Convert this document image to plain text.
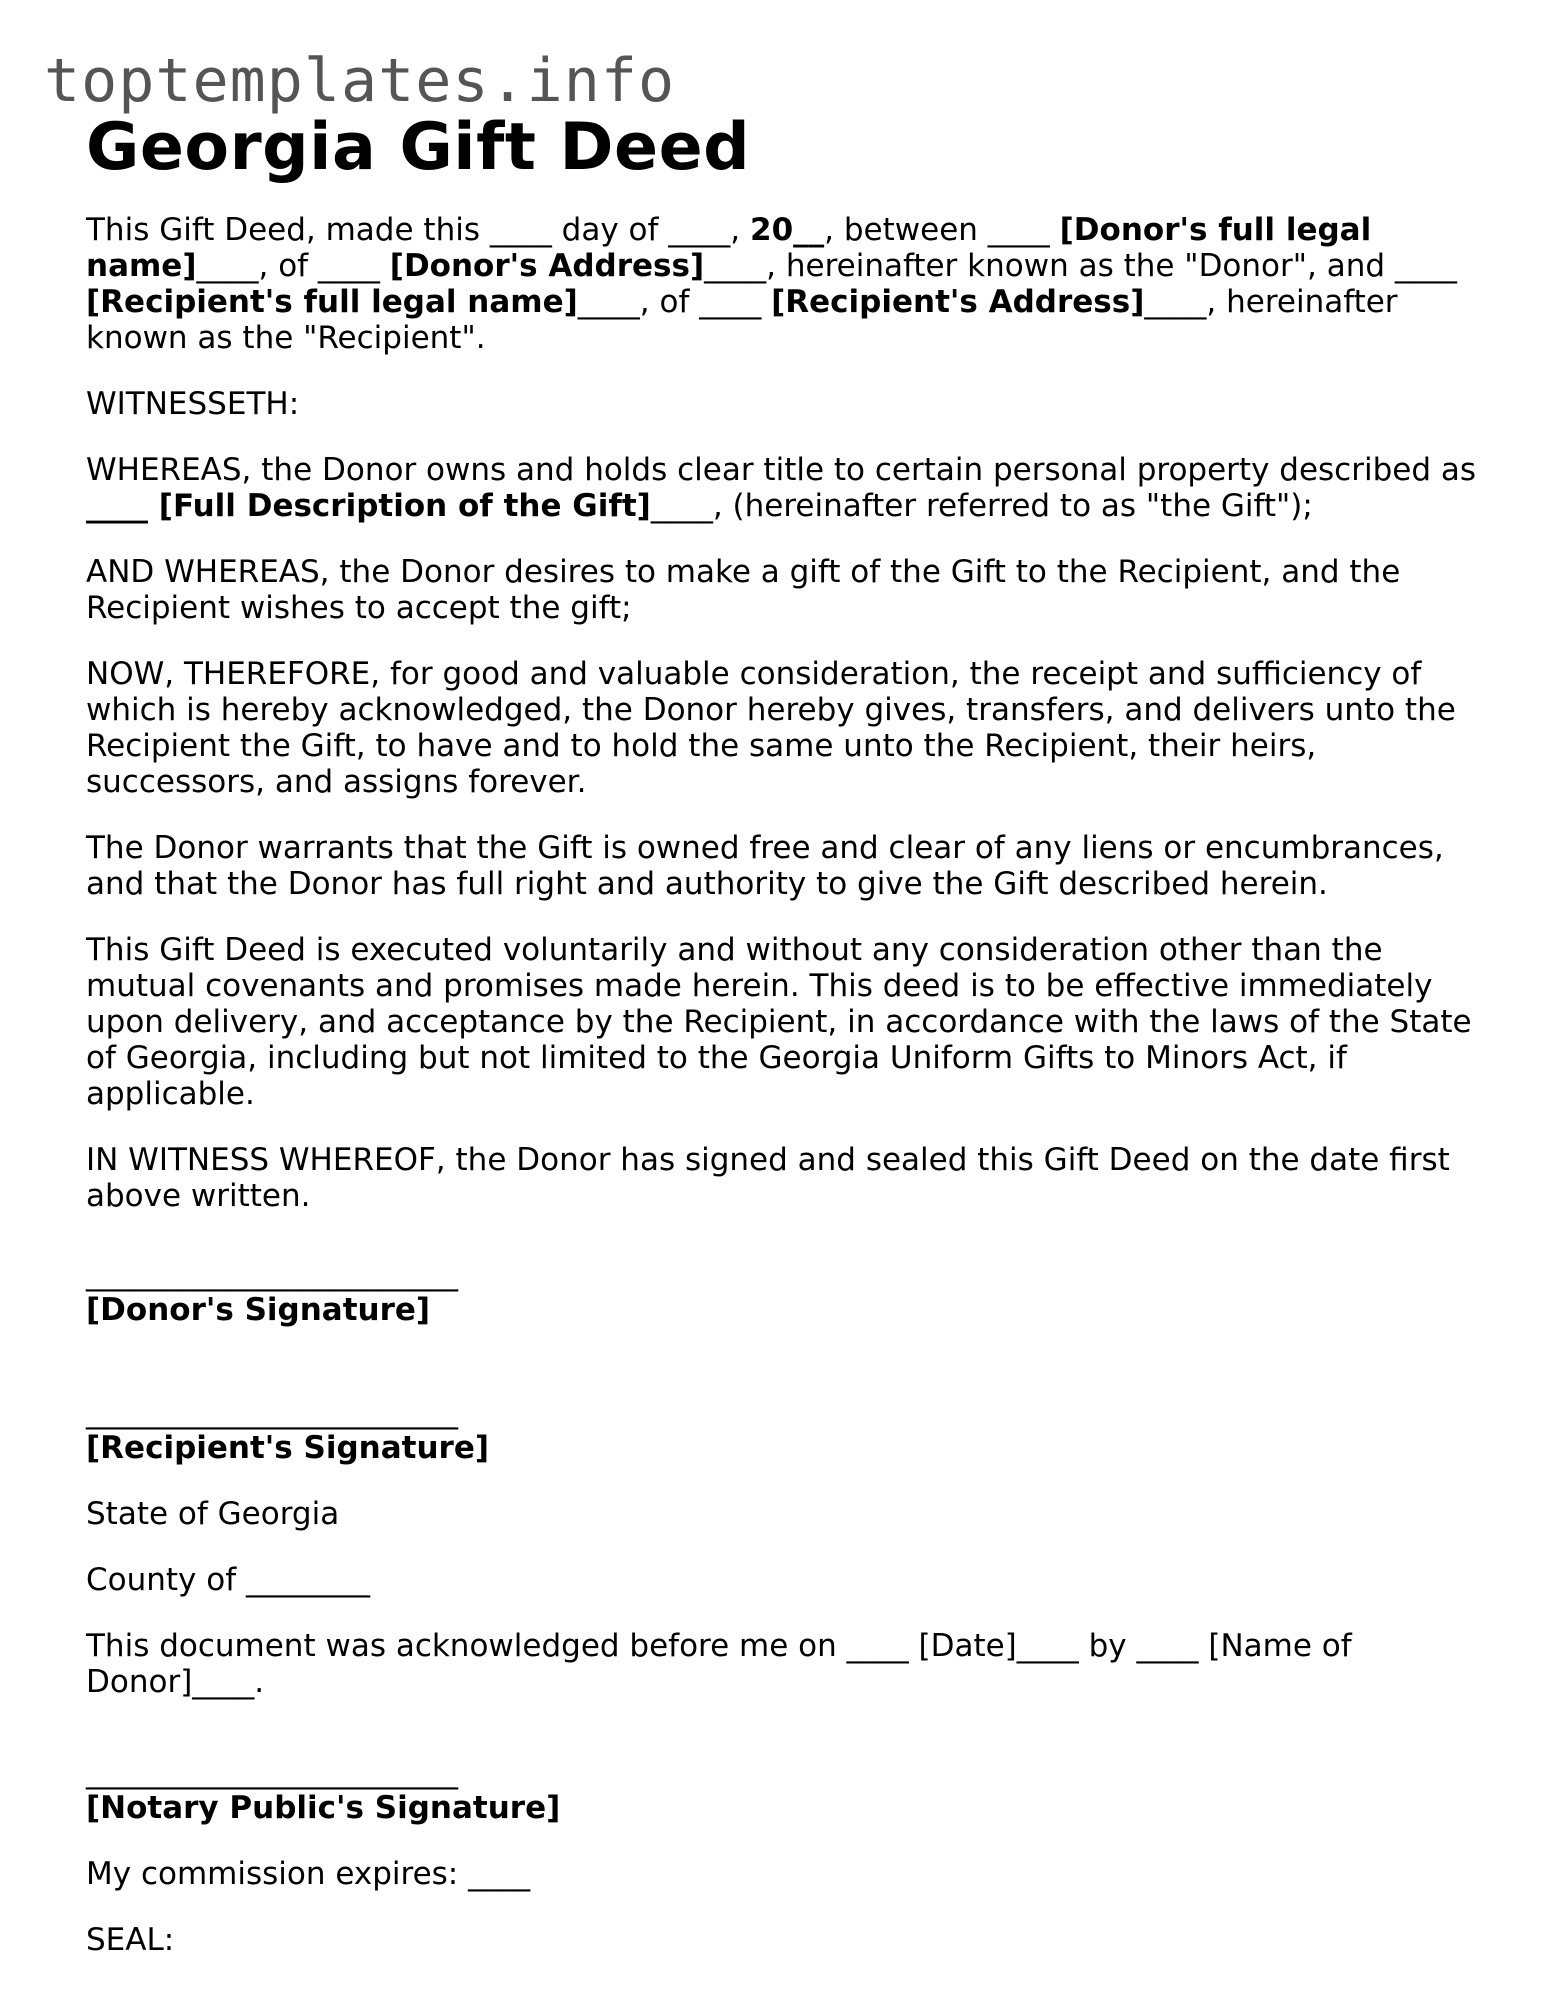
toptemplates.info
Georgia Gift Deed

This Gift Deed, made this ____ day of ____, 20__, between ____ [Donor's full legal name]____, of ____ [Donor's Address]____, hereinafter known as the "Donor", and ____ [Recipient's full legal name]____, of ____ [Recipient's Address]____, hereinafter known as the "Recipient".

WITNESSETH:

WHEREAS, the Donor owns and holds clear title to certain personal property described as ____ [Full Description of the Gift]____, (hereinafter referred to as "the Gift");

AND WHEREAS, the Donor desires to make a gift of the Gift to the Recipient, and the Recipient wishes to accept the gift;

NOW, THEREFORE, for good and valuable consideration, the receipt and sufficiency of which is hereby acknowledged, the Donor hereby gives, transfers, and delivers unto the Recipient the Gift, to have and to hold the same unto the Recipient, their heirs, successors, and assigns forever.

The Donor warrants that the Gift is owned free and clear of any liens or encumbrances, and that the Donor has full right and authority to give the Gift described herein.

This Gift Deed is executed voluntarily and without any consideration other than the mutual covenants and promises made herein. This deed is to be effective immediately upon delivery, and acceptance by the Recipient, in accordance with the laws of the State of Georgia, including but not limited to the Georgia Uniform Gifts to Minors Act, if applicable.

IN WITNESS WHEREOF, the Donor has signed and sealed this Gift Deed on the date first above written.

________________________

[Donor's Signature]

________________________

[Recipient's Signature]

State of Georgia

County of ________

This document was acknowledged before me on ____ [Date]____ by ____ [Name of Donor]____.

________________________

[Notary Public's Signature]

My commission expires: ____

SEAL:
